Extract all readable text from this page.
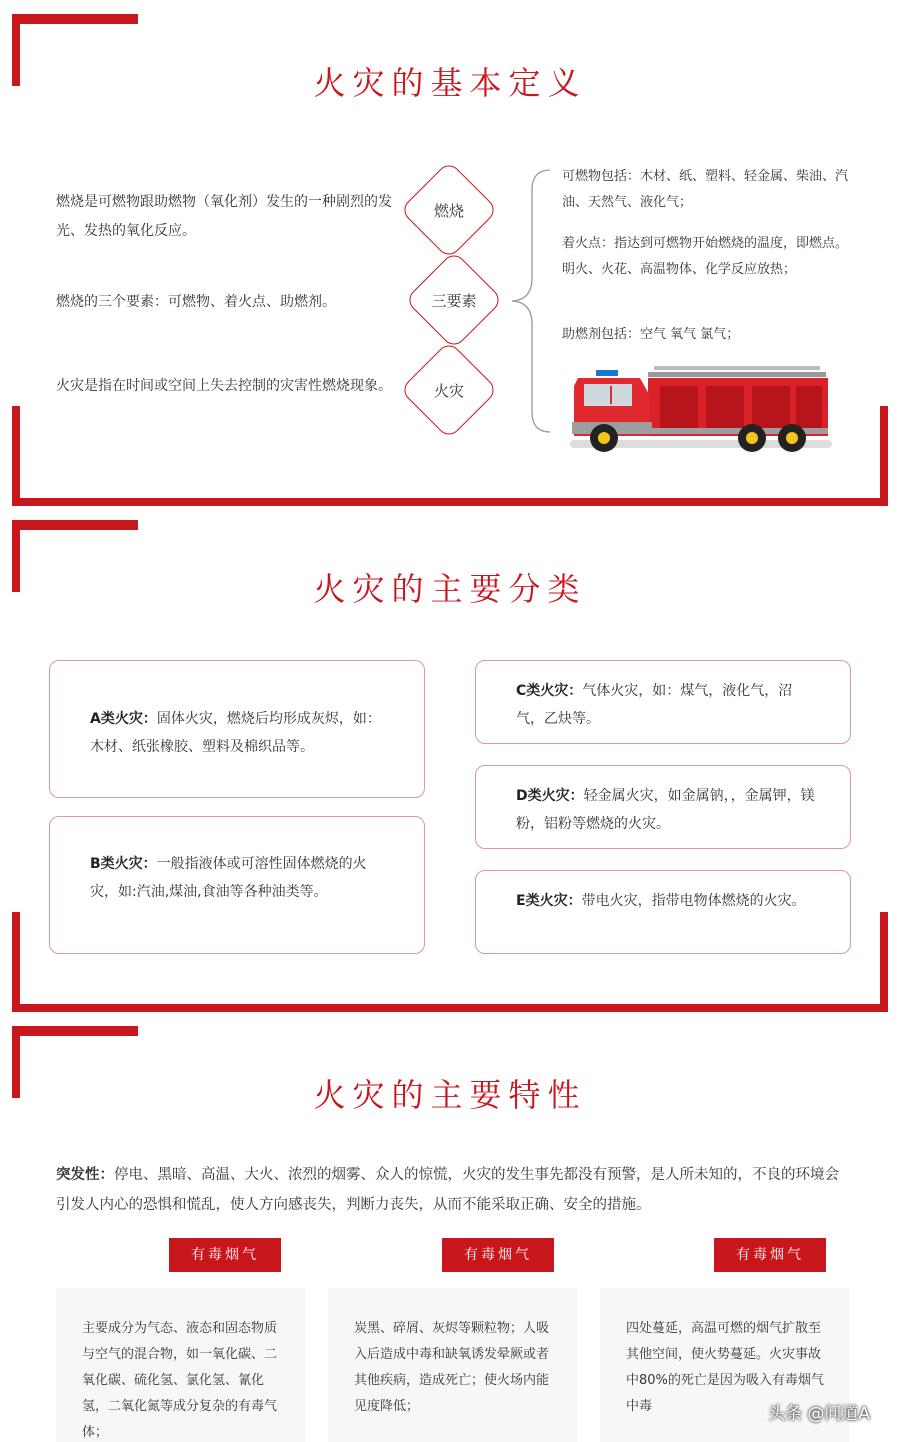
火灾的基本定义

燃烧是可燃物跟助燃物（氧化剂）发生的一种剧烈的发光、发热的氧化反应。

燃烧的三个要素：可燃物、着火点、助燃剂。

火灾是指在时间或空间上失去控制的灾害性燃烧现象。

燃烧
三要素
火灾

可燃物包括：木材、纸、塑料、轻金属、柴油、汽油、天然气、液化气；

着火点：指达到可燃物开始燃烧的温度，即燃点。明火、火花、高温物体、化学反应放热；

助燃剂包括：空气 氧气 氯气；

火灾的主要分类

A类火灾：固体火灾，燃烧后均形成灰烬，如：木材、纸张橡胶、塑料及棉织品等。

B类火灾：一般指液体或可溶性固体燃烧的火灾，如:汽油,煤油,食油等各种油类等。

C类火灾：气体火灾，如：煤气，液化气，沼气，乙炔等。

D类火灾：轻金属火灾，如金属钠，，金属钾，镁粉，铝粉等燃烧的火灾。

E类火灾：带电火灾，指带电物体燃烧的火灾。

火灾的主要特性

突发性：停电、黑暗、高温、大火、浓烈的烟雾、众人的惊慌，火灾的发生事先都没有预警，是人所未知的，不良的环境会引发人内心的恐惧和慌乱，使人方向感丧失，判断力丧失，从而不能采取正确、安全的措施。

有毒烟气	有毒烟气	有毒烟气

主要成分为气态、液态和固态物质与空气的混合物，如一氧化碳、二氧化碳、硫化氢、氯化氢、氰化氢，二氧化氮等成分复杂的有毒气体；

炭黑、碎屑、灰烬等颗粒物；人吸入后造成中毒和缺氧诱发晕厥或者其他疾病，造成死亡；使火场内能见度降低；

四处蔓延，高温可燃的烟气扩散至其他空间，使火势蔓延。火灾事故中80%的死亡是因为吸入有毒烟气中毒	头条 @问道A
